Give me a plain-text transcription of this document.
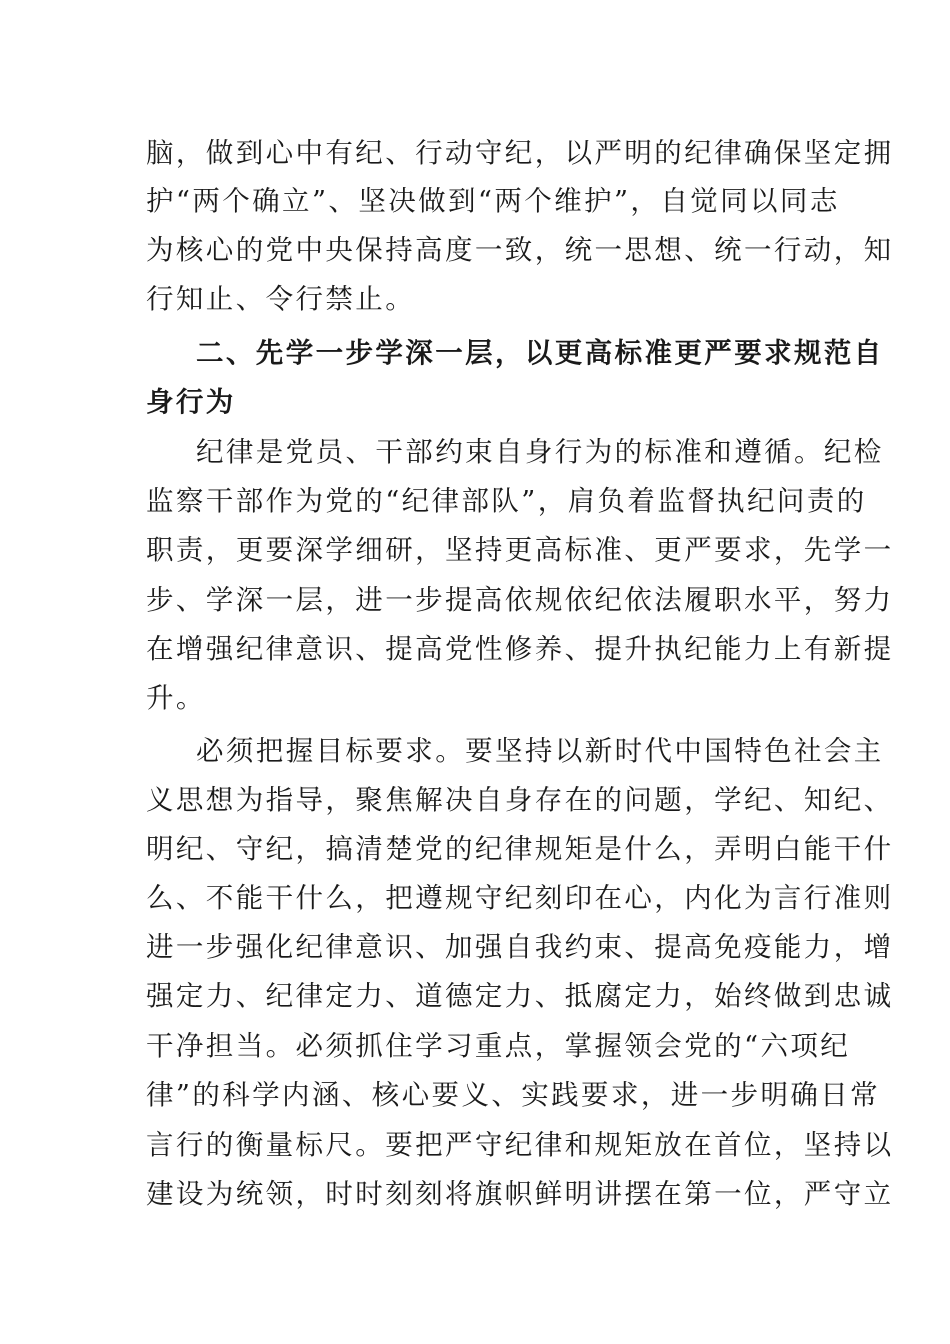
脑，做到心中有纪、行动守纪，以严明的纪律确保坚定拥
护“两个确立”、坚决做到“两个维护”，自觉同以同志
为核心的党中央保持高度一致，统一思想、统一行动，知
行知止、令行禁止。
二、先学一步学深一层，以更高标准更严要求规范自
身行为
纪律是党员、干部约束自身行为的标准和遵循。纪检
监察干部作为党的“纪律部队”，肩负着监督执纪问责的
职责，更要深学细研，坚持更高标准、更严要求，先学一
步、学深一层，进一步提高依规依纪依法履职水平，努力
在增强纪律意识、提高党性修养、提升执纪能力上有新提
升。
必须把握目标要求。要坚持以新时代中国特色社会主
义思想为指导，聚焦解决自身存在的问题，学纪、知纪、
明纪、守纪，搞清楚党的纪律规矩是什么，弄明白能干什
么、不能干什么，把遵规守纪刻印在心，内化为言行准则
进一步强化纪律意识、加强自我约束、提高免疫能力，增
强定力、纪律定力、道德定力、抵腐定力，始终做到忠诚
干净担当。必须抓住学习重点，掌握领会党的“六项纪
律”的科学内涵、核心要义、实践要求，进一步明确日常
言行的衡量标尺。要把严守纪律和规矩放在首位，坚持以
建设为统领，时时刻刻将旗帜鲜明讲摆在第一位，严守立
